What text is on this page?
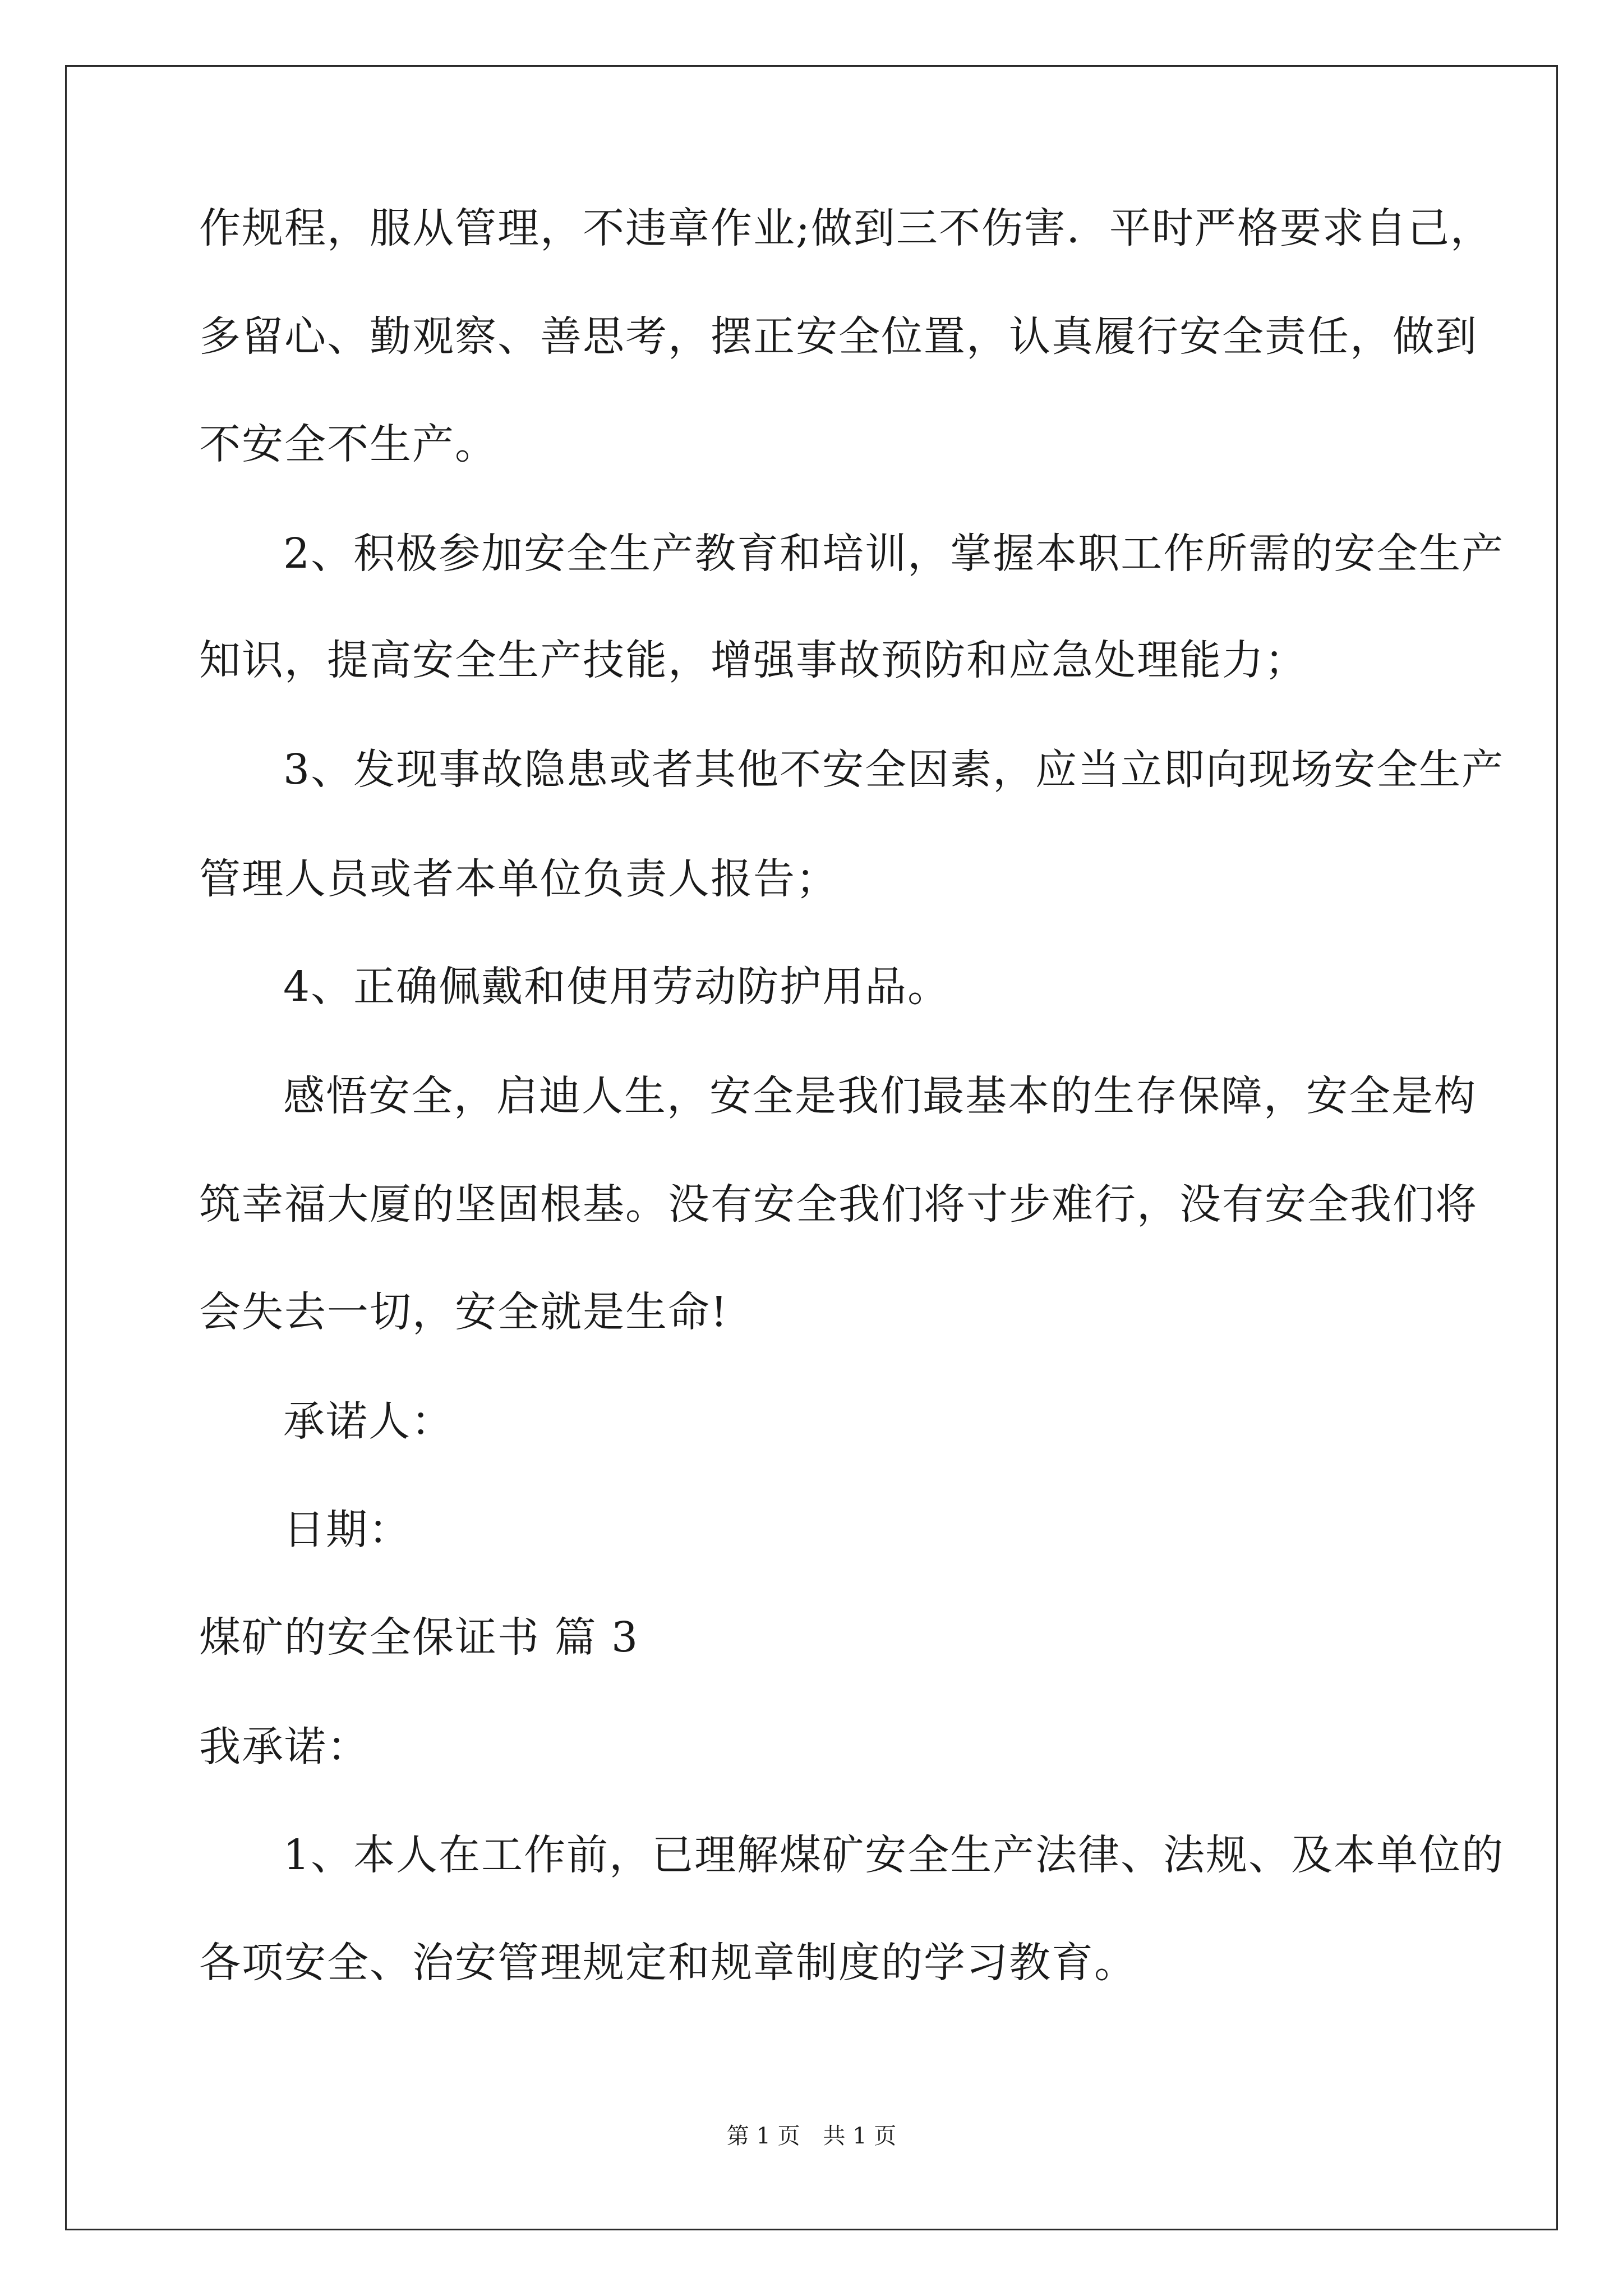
作规程，服从管理，不违章作业;做到三不伤害．平时严格要求自己，
多留心、勤观察、善思考，摆正安全位置，认真履行安全责任，做到
不安全不生产。
2、积极参加安全生产教育和培训，掌握本职工作所需的安全生产
知识，提高安全生产技能，增强事故预防和应急处理能力；
3、发现事故隐患或者其他不安全因素，应当立即向现场安全生产
管理人员或者本单位负责人报告；
4、正确佩戴和使用劳动防护用品。
感悟安全，启迪人生，安全是我们最基本的生存保障，安全是构
筑幸福大厦的坚固根基。没有安全我们将寸步难行，没有安全我们将
会失去一切，安全就是生命!
承诺人：
日期：
煤矿的安全保证书 篇 3
我承诺：
1、本人在工作前，已理解煤矿安全生产法律、法规、及本单位的
各项安全、治安管理规定和规章制度的学习教育。
第 1 页 共 1 页
